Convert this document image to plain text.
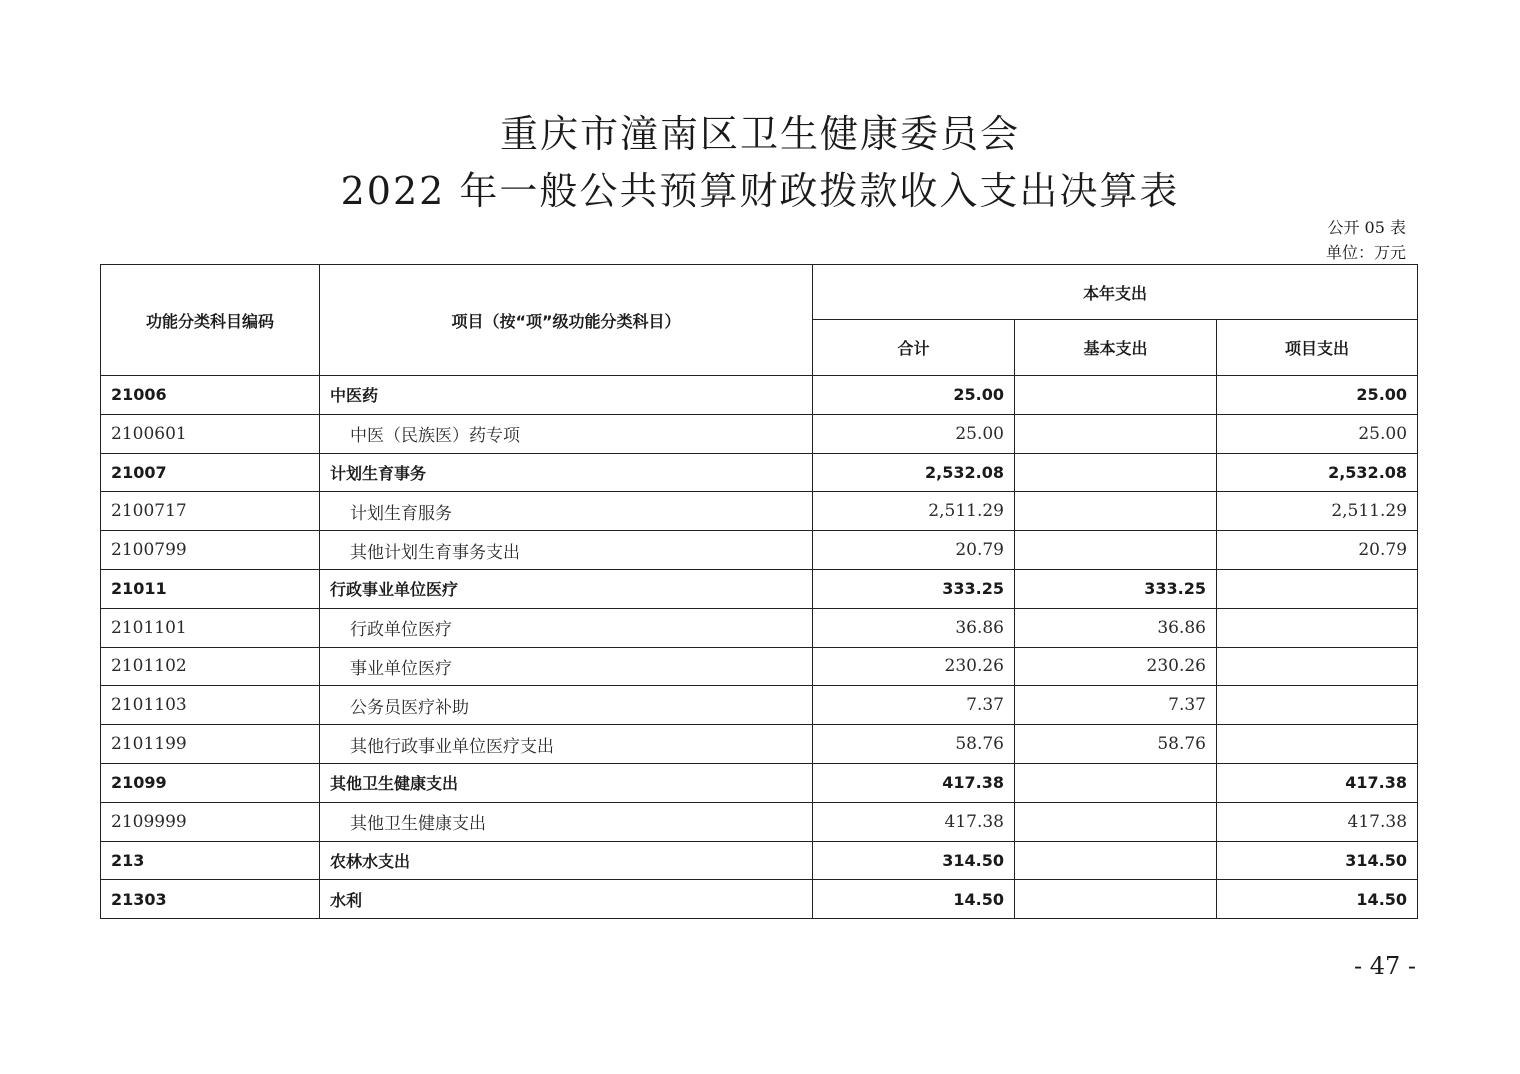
重庆市潼南区卫生健康委员会
2022 年一般公共预算财政拨款收入支出决算表
公开 05 表
单位：万元
功能分类科目编码	项目（按“项”级功能分类科目）	本年支出		
		合计	基本支出	项目支出
21006	中医药	25.00		25.00
2100601	中医（民族医）药专项	25.00		25.00
21007	计划生育事务	2,532.08		2,532.08
2100717	计划生育服务	2,511.29		2,511.29
2100799	其他计划生育事务支出	20.79		20.79
21011	行政事业单位医疗	333.25	333.25	
2101101	行政单位医疗	36.86	36.86	
2101102	事业单位医疗	230.26	230.26	
2101103	公务员医疗补助	7.37	7.37	
2101199	其他行政事业单位医疗支出	58.76	58.76	
21099	其他卫生健康支出	417.38		417.38
2109999	其他卫生健康支出	417.38		417.38
213	农林水支出	314.50		314.50
21303	水利	14.50		14.50
- 47 -
